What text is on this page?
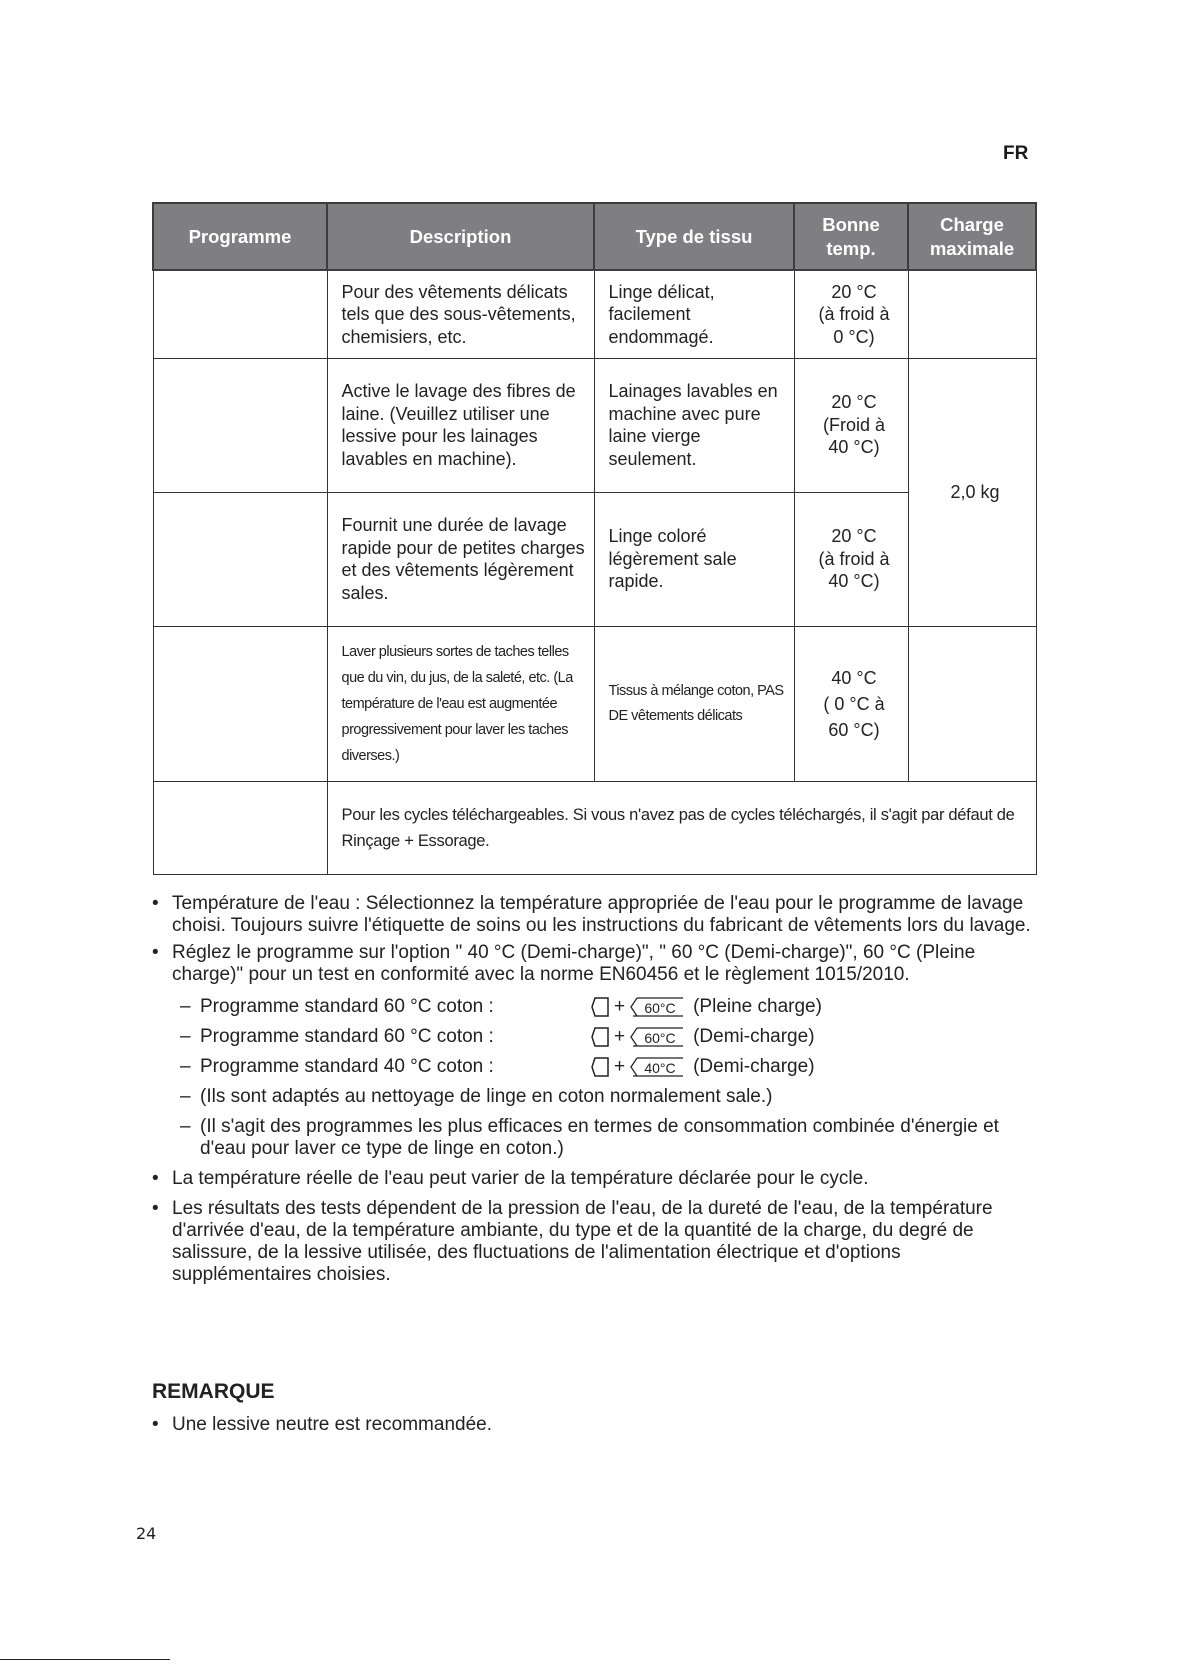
FR
Programme	Description	Type de tissu	Bonne temp.	Charge maximale
	Pour des vêtements délicats tels que des sous-vêtements, chemisiers, etc.	Linge délicat, facilement endommagé.	20 °C
(à froid à
0 °C)	
	Active le lavage des fibres de laine. (Veuillez utiliser une lessive pour les lainages lavables en machine).	Lainages lavables en machine avec pure laine vierge seulement.	20 °C
(Froid à
40 °C)	2,0 kg
	Fournit une durée de lavage rapide pour de petites charges et des vêtements légèrement sales.	Linge coloré légèrement sale rapide.	20 °C
(à froid à
40 °C)	
	Laver plusieurs sortes de taches telles que du vin, du jus, de la saleté, etc. (La température de l'eau est augmentée progressivement pour laver les taches diverses.)	Tissus à mélange coton, PAS DE vêtements délicats	40 °C
( 0 °C à
60 °C)	
	Pour les cycles téléchargeables. Si vous n'avez pas de cycles téléchargés, il s'agit par défaut de Rinçage + Essorage.			
• Température de l'eau : Sélectionnez la température appropriée de l'eau pour le programme de lavage choisi. Toujours suivre l'étiquette de soins ou les instructions du fabricant de vêtements lors du lavage.
• Réglez le programme sur l'option " 40 °C (Demi-charge)", " 60 °C (Demi-charge)", 60 °C (Pleine charge)" pour un test en conformité avec la norme EN60456 et le règlement 1015/2010.
– Programme standard 60 °C coton :	+ 60°C (Pleine charge)
– Programme standard 60 °C coton :	+ 60°C (Demi-charge)
– Programme standard 40 °C coton :	+ 40°C (Demi-charge)
– (Ils sont adaptés au nettoyage de linge en coton normalement sale.)
– (Il s'agit des programmes les plus efficaces en termes de consommation combinée d'énergie et d'eau pour laver ce type de linge en coton.)
• La température réelle de l'eau peut varier de la température déclarée pour le cycle.
• Les résultats des tests dépendent de la pression de l'eau, de la dureté de l'eau, de la température d'arrivée d'eau, de la température ambiante, du type et de la quantité de la charge, du degré de salissure, de la lessive utilisée, des fluctuations de l'alimentation électrique et d'options supplémentaires choisies.
REMARQUE
• Une lessive neutre est recommandée.
24
